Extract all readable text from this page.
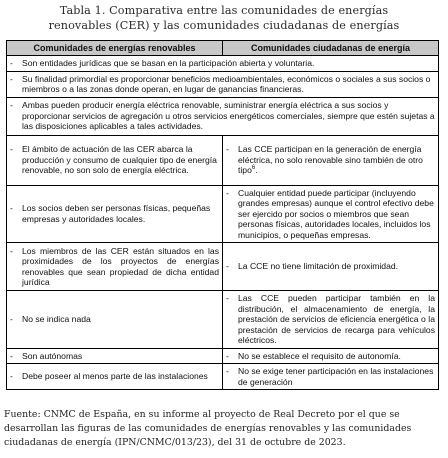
Tabla 1. Comparativa entre las comunidades de energías
renovables (CER) y las comunidades ciudadanas de energías
Comunidades de energías renovables	Comunidades ciudadanas de energía

- Son entidades jurídicas que se basan en la participación abierta y voluntaria.	

- Su finalidad primordial es proporcionar beneficios medioambientales, económicos o sociales a sus socios o miembros o a las zonas donde operan, en lugar de ganancias financieras.	

- Ambas pueden producir energía eléctrica renovable, suministrar energía eléctrica a sus socios y proporcionar servicios de agregación u otros servicios energéticos comerciales, siempre que estén sujetas a las disposiciones aplicables a tales actividades.	

- El ámbito de actuación de las CER abarca la producción y consumo de cualquier tipo de energía renovable, no son solo de energía eléctrica.	- Las CCE participan en la generación de energía eléctrica, no solo renovable sino también de otro tipo$^6$.

- Los socios deben ser personas físicas, pequeñas empresas y autoridades locales.	- Cualquier entidad puede participar (incluyendo grandes empresas) aunque el control efectivo debe ser ejercido por socios o miembros que sean personas físicas, autoridades locales, incluidos los municipios, o pequeñas empresas.

- Los miembros de las CER están situados en las proximidades de los proyectos de energías renovables que sean propiedad de dicha entidad jurídica	- La CCE no tiene limitación de proximidad.

- No se indica nada	- Las CCE pueden participar también en la distribución, el almacenamiento de energía, la prestación de servicios de eficiencia energética o la prestación de servicios de recarga para vehículos eléctricos.

- Son autónomas	- No se establece el requisito de autonomía.

- Debe poseer al menos parte de las instalaciones	- No se exige tener participación en las instalaciones de generación
Fuente: CNMC de España, en su informe al proyecto de Real Decreto por el que se desarrollan las figuras de las comunidades de energías renovables y las comunidades ciudadanas de energía (IPN/CNMC/013/23), del 31 de octubre de 2023.
